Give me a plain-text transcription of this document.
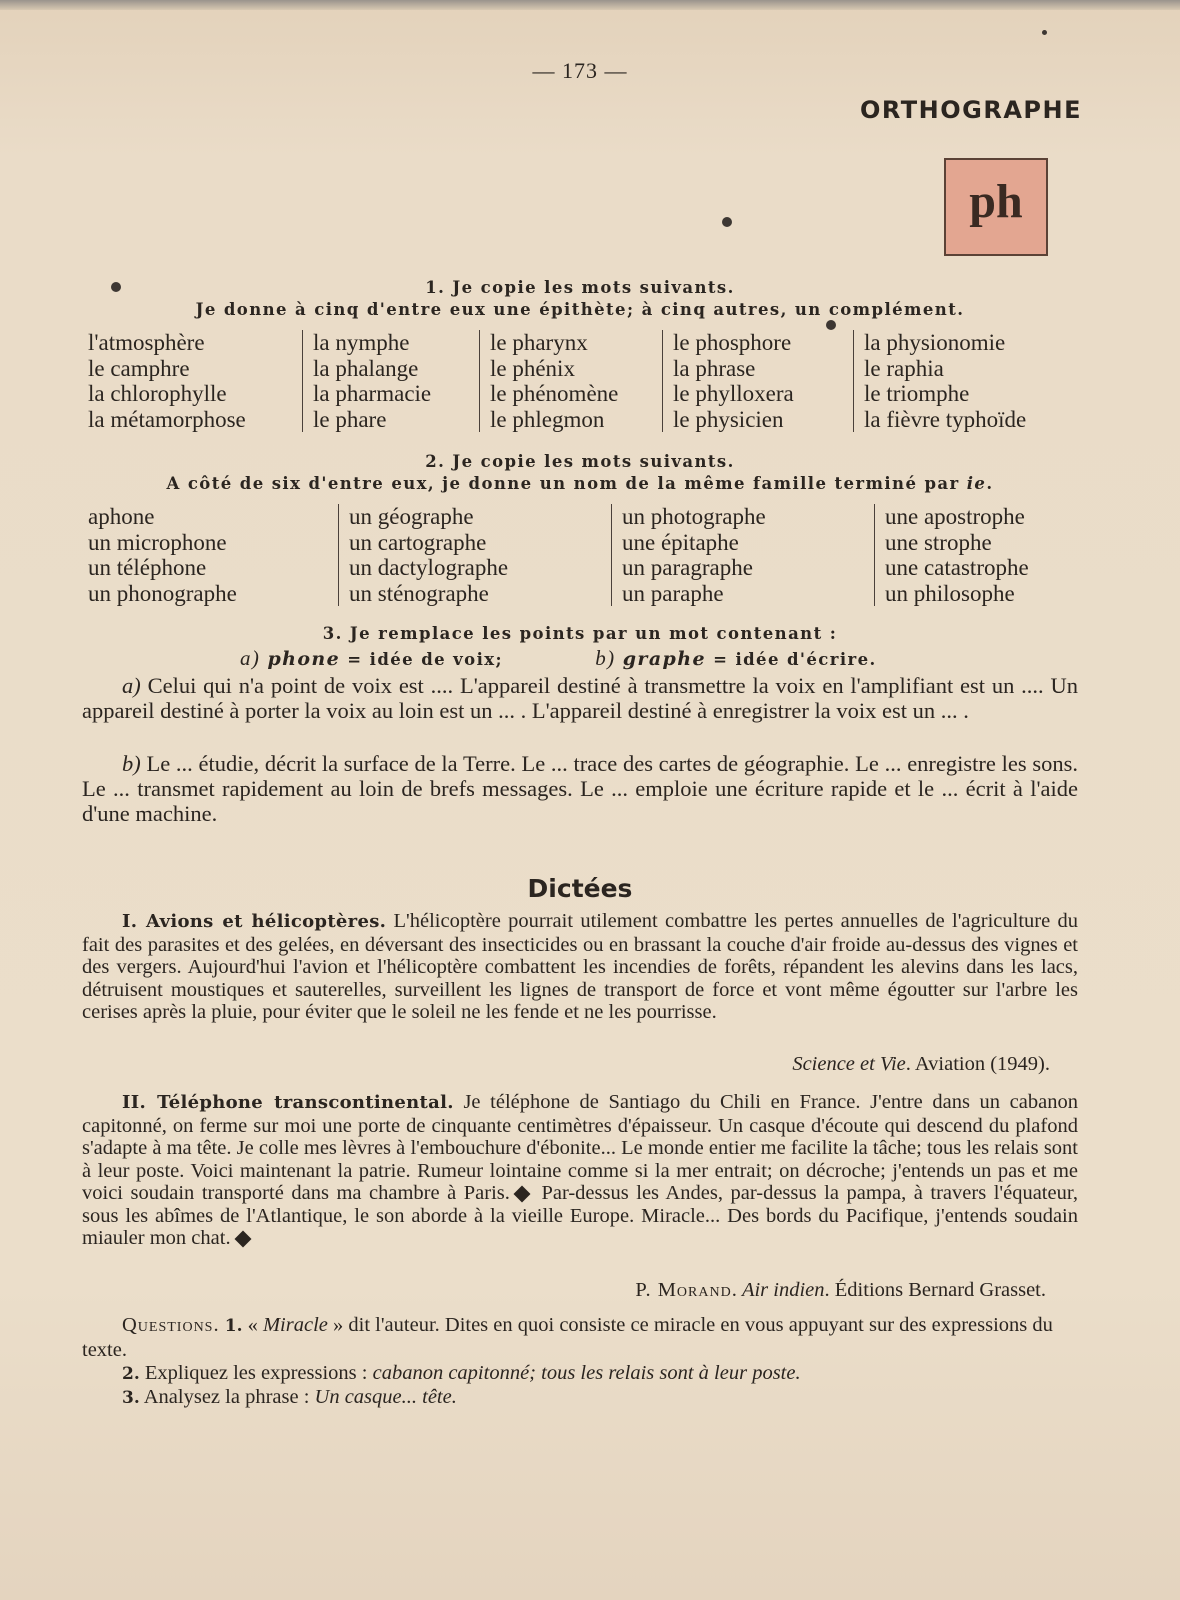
— 173 —
ORTHOGRAPHE
ph
1. Je copie les mots suivants.
Je donne à cinq d'entre eux une épithète; à cinq autres, un complément.
l'atmosphère
le camphre
la chlorophylle
la métamorphose
la nymphe
la phalange
la pharmacie
le phare
le pharynx
le phénix
le phénomène
le phlegmon
le phosphore
la phrase
le phylloxera
le physicien
la physionomie
le raphia
le triomphe
la fièvre typhoïde
2. Je copie les mots suivants.
A côté de six d'entre eux, je donne un nom de la même famille terminé par ie.
aphone
un microphone
un téléphone
un phonographe
un géographe
un cartographe
un dactylographe
un sténographe
un photographe
une épitaphe
un paragraphe
un paraphe
une apostrophe
une strophe
une catastrophe
un philosophe
3. Je remplace les points par un mot contenant :
a) phone = idée de voix;	b) graphe = idée d'écrire.
a) Celui qui n'a point de voix est .... L'appareil destiné à transmettre la voix en l'amplifiant est un .... Un appareil destiné à porter la voix au loin est un ... . L'appareil destiné à enregistrer la voix est un ... .
b) Le ... étudie, décrit la surface de la Terre. Le ... trace des cartes de géographie. Le ... enregistre les sons. Le ... transmet rapidement au loin de brefs messages. Le ... emploie une écriture rapide et le ... écrit à l'aide d'une machine.
Dictées
I. Avions et hélicoptères. L'hélicoptère pourrait utilement combattre les pertes annuelles de l'agriculture du fait des parasites et des gelées, en déversant des insecticides ou en brassant la couche d'air froide au-dessus des vignes et des vergers. Aujourd'hui l'avion et l'hélicoptère combattent les incendies de forêts, répandent les alevins dans les lacs, détruisent moustiques et sauterelles, surveillent les lignes de transport de force et vont même égoutter sur l'arbre les cerises après la pluie, pour éviter que le soleil ne les fende et ne les pourrisse.
Science et Vie. Aviation (1949).
II. Téléphone transcontinental. Je téléphone de Santiago du Chili en France. J'entre dans un cabanon capitonné, on ferme sur moi une porte de cinquante centimètres d'épaisseur. Un casque d'écoute qui descend du plafond s'adapte à ma tête. Je colle mes lèvres à l'embouchure d'ébonite... Le monde entier me facilite la tâche; tous les relais sont à leur poste. Voici maintenant la patrie. Rumeur lointaine comme si la mer entrait; on décroche; j'entends un pas et me voici soudain transporté dans ma chambre à Paris. Par-dessus les Andes, par-dessus la pampa, à travers l'équateur, sous les abîmes de l'Atlantique, le son aborde à la vieille Europe. Miracle... Des bords du Pacifique, j'entends soudain miauler mon chat.
P. Morand. Air indien. Éditions Bernard Grasset.
Questions. 1. « Miracle » dit l'auteur. Dites en quoi consiste ce miracle en vous appuyant sur des expressions du texte.
2. Expliquez les expressions : cabanon capitonné; tous les relais sont à leur poste.
3. Analysez la phrase : Un casque... tête.
